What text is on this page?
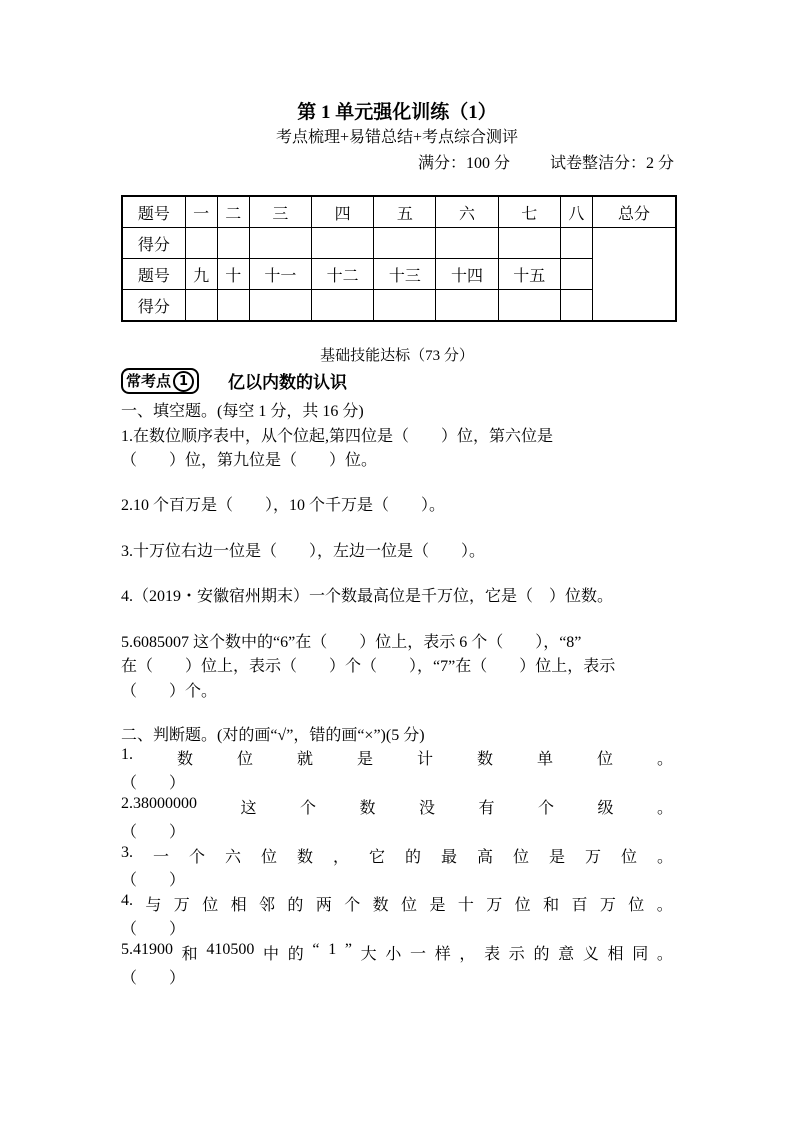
第 1 单元强化训练（1）
考点梳理+易错总结+考点综合测评
满分：100 分	试卷整洁分：2 分
题号	一	二	三	四	五	六	七	八	总分
得分									
题号	九	十	十一	十二	十三	十四	十五		
得分									
基础技能达标（73 分）
常考点 1	亿以内数的认识
一、填空题。(每空 1 分，共 16 分)
1.在数位顺序表中，从个位起,第四位是（　　）位，第六位是
（　　）位，第九位是（　　）位。
2.10 个百万是（　　），10 个千万是（　　）。
3.十万位右边一位是（　　），左边一位是（　　）。
4.（2019・安徽宿州期末）一个数最高位是千万位，它是（　）位数。
5.6085007 这个数中的“6”在（　　）位上，表示 6 个（　　），“8”
在（　　）位上，表示（　　）个（　　），“7”在（　　）位上，表示
（　　）个。
二、判断题。(对的画“√”，错的画“×”)(5 分)
1.	数	位	就	是	计	数	单	位	。
（　　）
2.38000000	这	个	数	没	有	个	级	。
（　　）
3. 一 个 六 位 数 ， 它 的 最 高 位 是 万 位 。
（　　）
4. 与 万 位 相 邻 的 两 个 数 位 是 十 万 位 和 百 万 位 。
（　　）
5.41900 和 410500 中 的 “ 1 ” 大 小 一 样 ， 表 示 的 意 义 相 同 。
（　　）
